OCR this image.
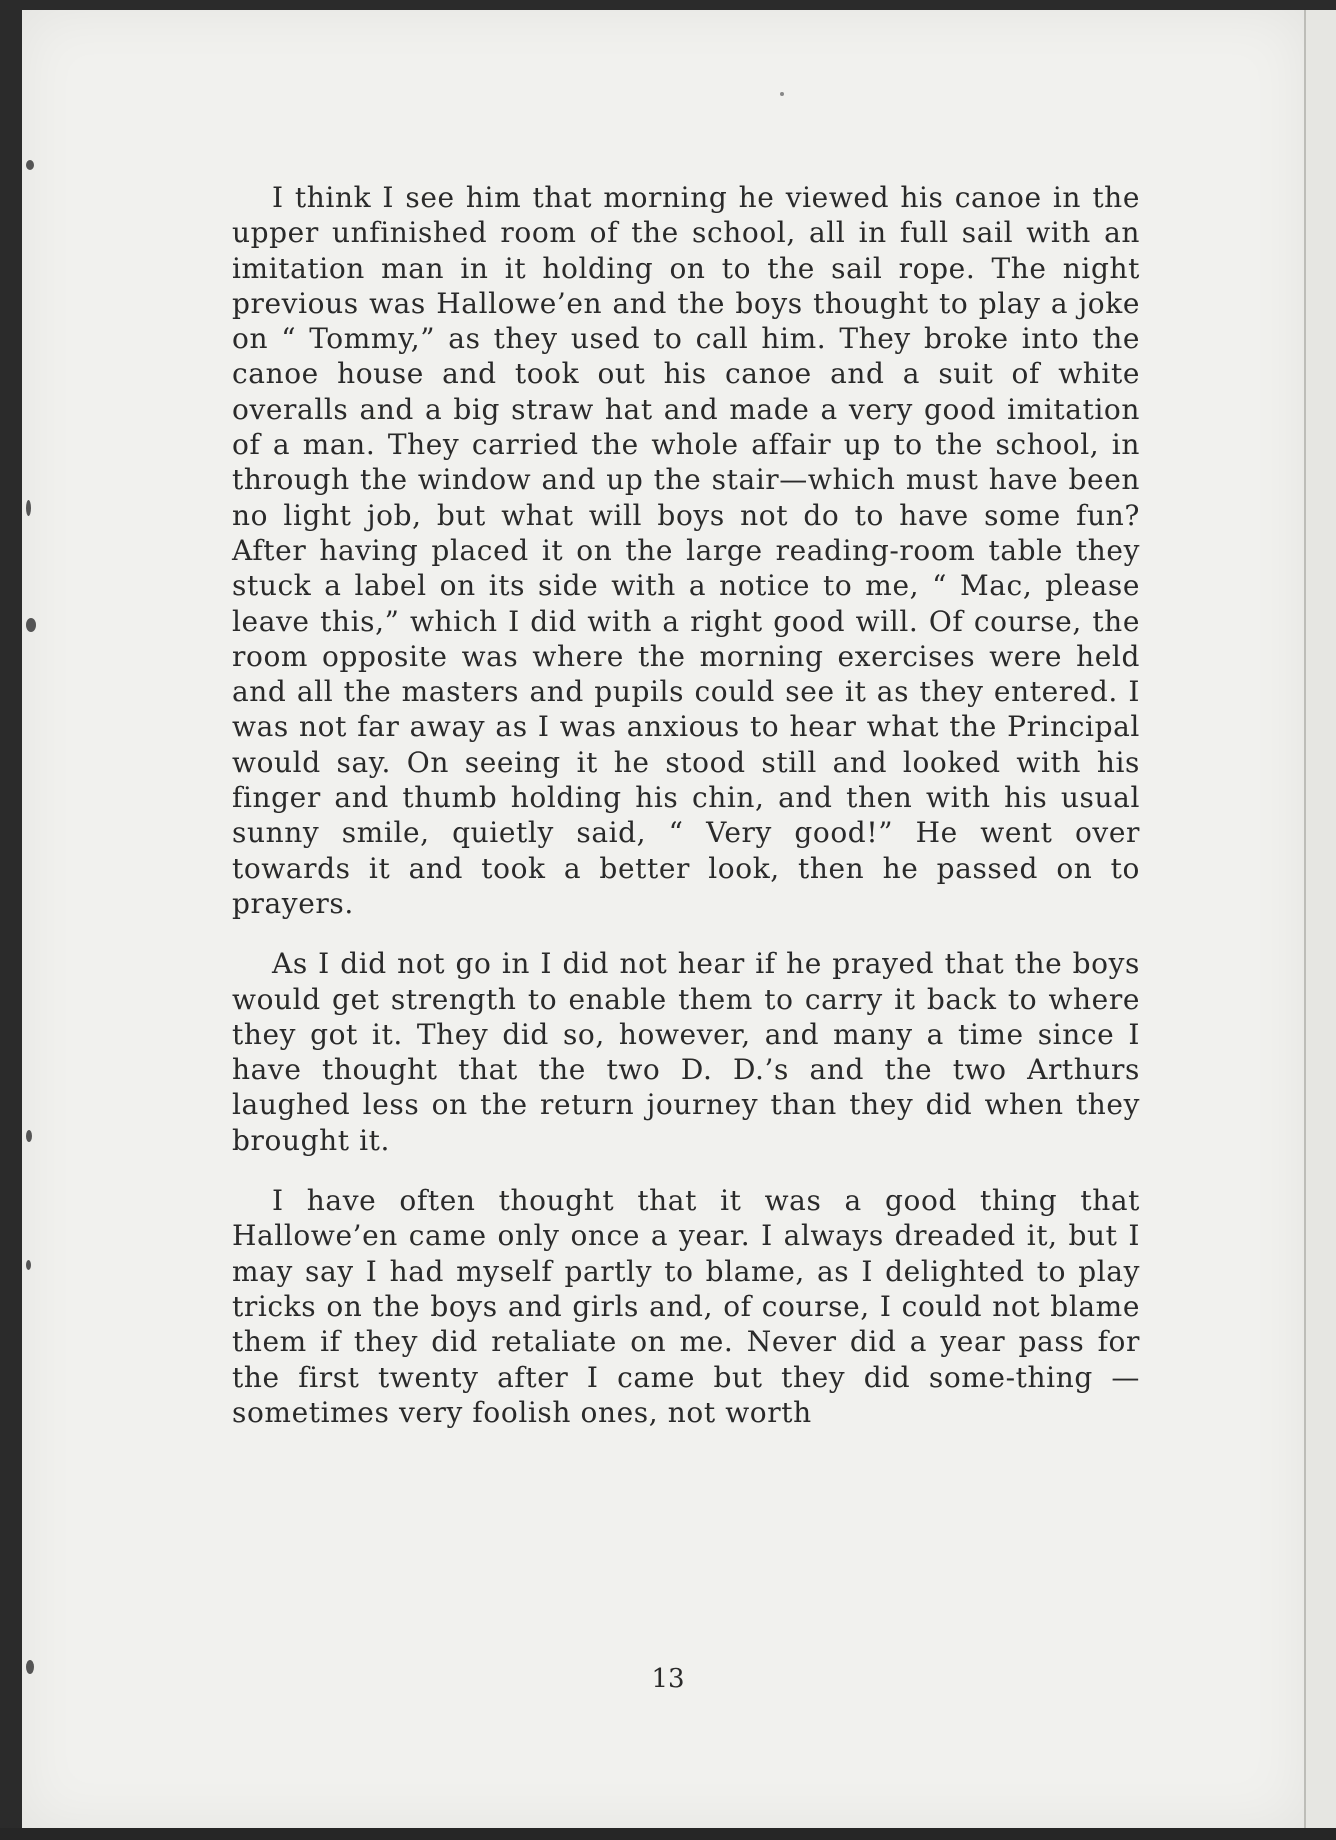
I think I see him that morning he viewed his canoe in the upper unfinished room of the school, all in full sail with an imitation man in it holding on to the sail rope. The night previous was Hallowe’en and the boys thought to play a joke on “ Tommy,” as they used to call him. They broke into the canoe house and took out his canoe and a suit of white overalls and a big straw hat and made a very good imitation of a man. They carried the whole affair up to the school, in through the window and up the stair—which must have been no light job, but what will boys not do to have some fun? After having placed it on the large reading-room table they stuck a label on its side with a notice to me, “ Mac, please leave this,” which I did with a right good will. Of course, the room opposite was where the morning exercises were held and all the masters and pupils could see it as they entered. I was not far away as I was anxious to hear what the Principal would say. On seeing it he stood still and looked with his finger and thumb holding his chin, and then with his usual sunny smile, quietly said, “ Very good!” He went over towards it and took a better look, then he passed on to prayers.

As I did not go in I did not hear if he prayed that the boys would get strength to enable them to carry it back to where they got it. They did so, however, and many a time since I have thought that the two D. D.’s and the two Arthurs laughed less on the return journey than they did when they brought it.

I have often thought that it was a good thing that Hallowe’en came only once a year. I always dreaded it, but I may say I had myself partly to blame, as I delighted to play tricks on the boys and girls and, of course, I could not blame them if they did retaliate on me. Never did a year pass for the first twenty after I came but they did some-thing — sometimes very foolish ones, not worth

13
